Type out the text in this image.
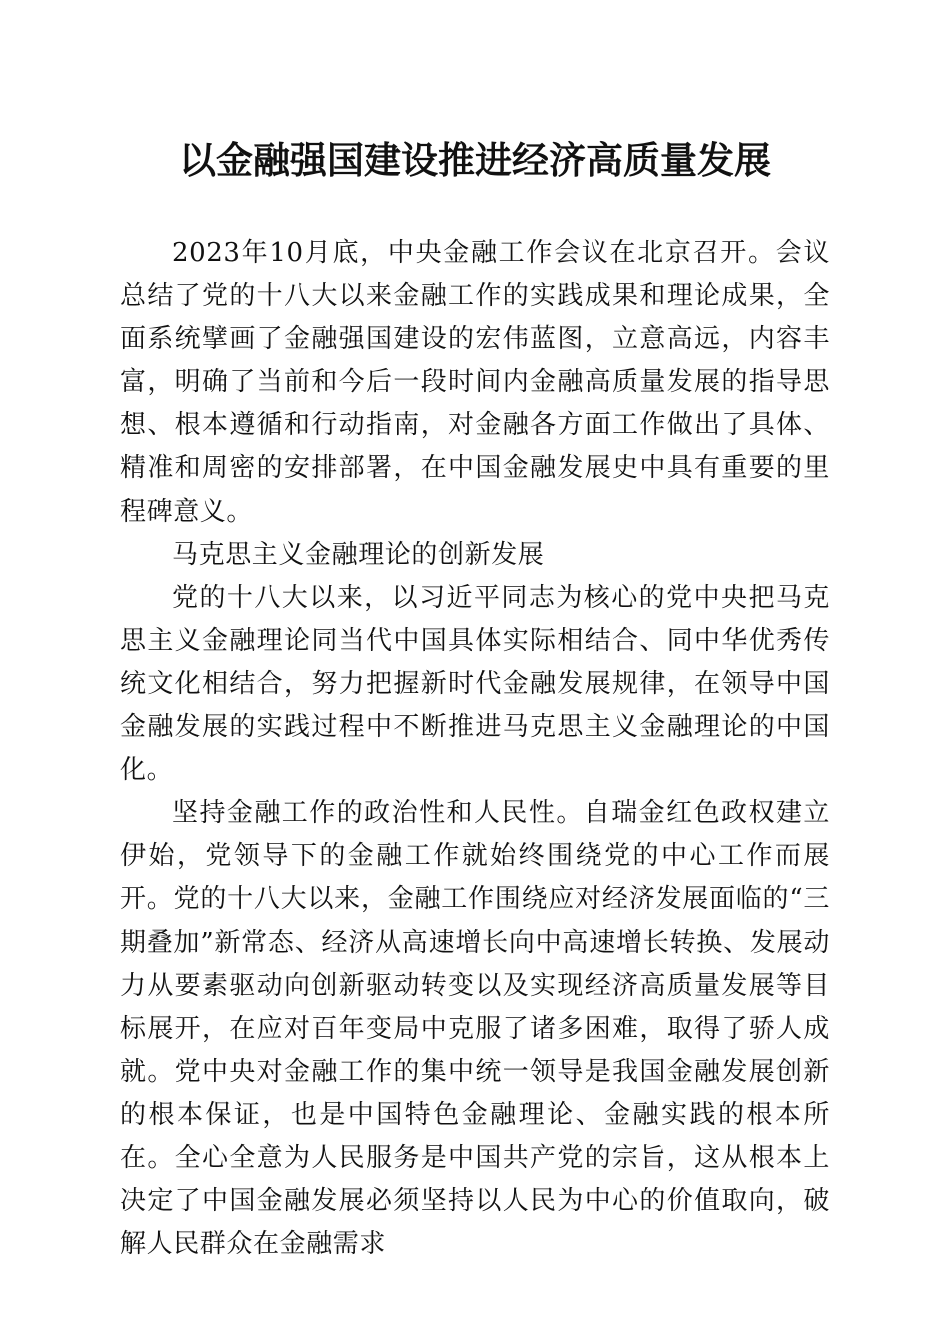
以金融强国建设推进经济高质量发展

2023年10月底，中央金融工作会议在北京召开。会议总结了党的十八大以来金融工作的实践成果和理论成果，全面系统擘画了金融强国建设的宏伟蓝图，立意高远，内容丰富，明确了当前和今后一段时间内金融高质量发展的指导思想、根本遵循和行动指南，对金融各方面工作做出了具体、精准和周密的安排部署，在中国金融发展史中具有重要的里程碑意义。

马克思主义金融理论的创新发展

党的十八大以来，以习近平同志为核心的党中央把马克思主义金融理论同当代中国具体实际相结合、同中华优秀传统文化相结合，努力把握新时代金融发展规律，在领导中国金融发展的实践过程中不断推进马克思主义金融理论的中国化。

坚持金融工作的政治性和人民性。自瑞金红色政权建立伊始，党领导下的金融工作就始终围绕党的中心工作而展开。党的十八大以来，金融工作围绕应对经济发展面临的“三期叠加”新常态、经济从高速增长向中高速增长转换、发展动力从要素驱动向创新驱动转变以及实现经济高质量发展等目标展开，在应对百年变局中克服了诸多困难，取得了骄人成就。党中央对金融工作的集中统一领导是我国金融发展创新的根本保证，也是中国特色金融理论、金融实践的根本所在。全心全意为人民服务是中国共产党的宗旨，这从根本上决定了中国金融发展必须坚持以人民为中心的价值取向，破解人民群众在金融需求
